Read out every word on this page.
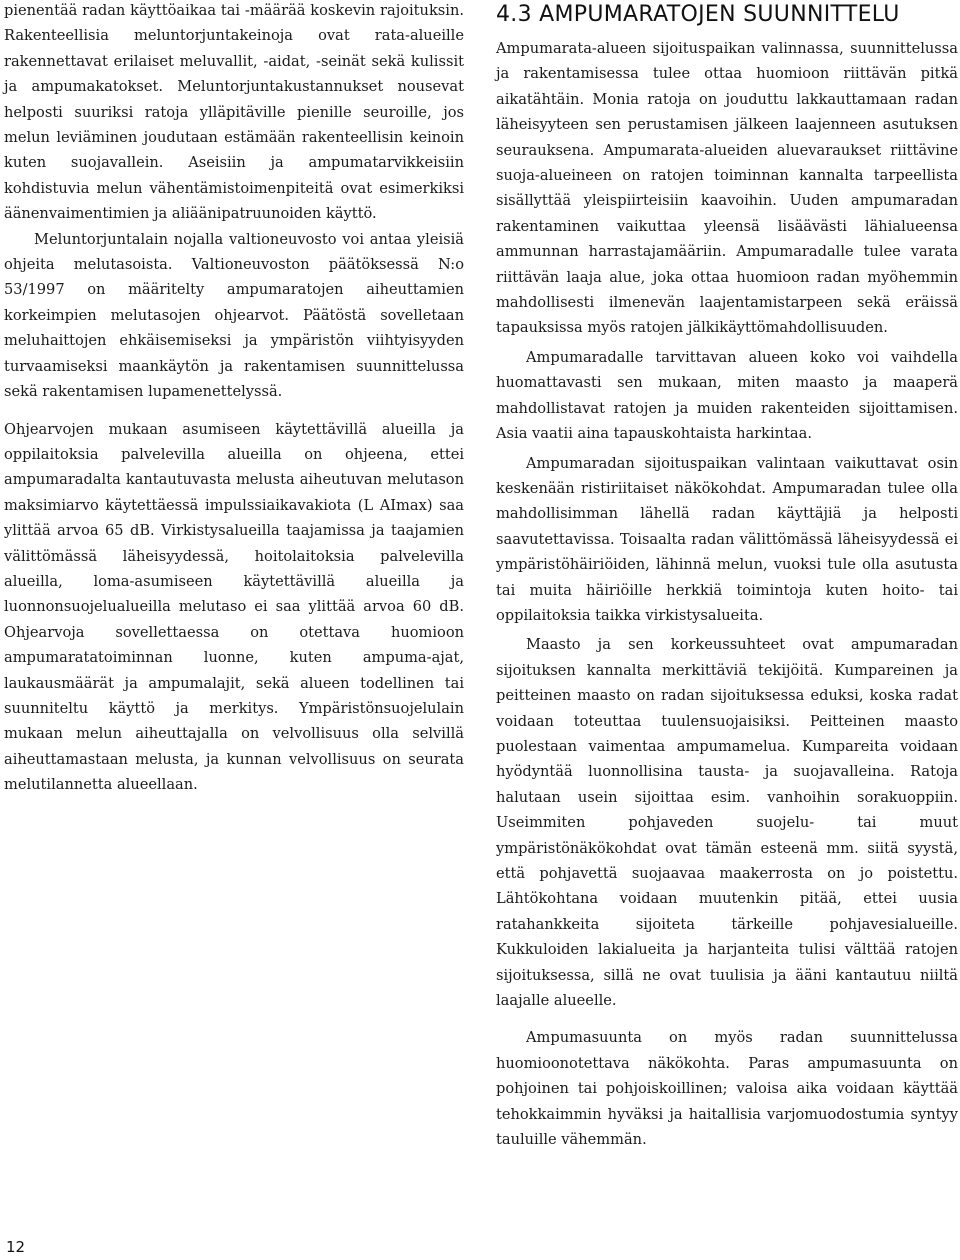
pienentää radan käyttöaikaa tai -määrää koskevin rajoituksin. Rakenteellisia meluntorjuntakeinoja ovat rata-alueille rakennettavat erilaiset meluvallit, -aidat, -seinät sekä kulissit ja ampumakatokset. Meluntorjuntakustannukset nousevat helposti suuriksi ratoja ylläpitäville pienille seuroille, jos melun leviäminen joudutaan estämään rakenteellisin keinoin kuten suojavallein. Aseisiin ja ampumatarvikkeisiin kohdistuvia melun vähentämistoimenpiteitä ovat esimerkiksi äänenvaimentimien ja aliäänipatruunoiden käyttö.

Meluntorjuntalain nojalla valtioneuvosto voi antaa yleisiä ohjeita melutasoista. Valtioneuvoston päätöksessä N:o 53/1997 on määritelty ampumaratojen aiheuttamien korkeimpien melutasojen ohjearvot. Päätöstä sovelletaan meluhaittojen ehkäisemiseksi ja ympäristön viihtyisyyden turvaamiseksi maankäytön ja rakentamisen suunnittelussa sekä rakentamisen lupamenettelyssä.

Ohjearvojen mukaan asumiseen käytettävillä alueilla ja oppilaitoksia palvelevilla alueilla on ohjeena, ettei ampumaradalta kantautuvasta melusta aiheutuvan melutason maksimiarvo käytettäessä impulssiaikavakiota (L AImax) saa ylittää arvoa 65 dB. Virkistysalueilla taajamissa ja taajamien välittömässä läheisyydessä, hoitolaitoksia palvelevilla alueilla, loma-asumiseen käytettävillä alueilla ja luonnonsuojelualueilla melutaso ei saa ylittää arvoa 60 dB. Ohjearvoja sovellettaessa on otettava huomioon ampumaratatoiminnan luonne, kuten ampuma-ajat, laukausmäärät ja ampumalajit, sekä alueen todellinen tai suunniteltu käyttö ja merkitys. Ympäristönsuojelulain mukaan melun aiheuttajalla on velvollisuus olla selvillä aiheuttamastaan melusta, ja kunnan velvollisuus on seurata melutilannetta alueellaan.

4.3 AMPUMARATOJEN SUUNNITTELU

Ampumarata-alueen sijoituspaikan valinnassa, suunnittelussa ja rakentamisessa tulee ottaa huomioon riittävän pitkä aikatähtäin. Monia ratoja on jouduttu lakkauttamaan radan läheisyyteen sen perustamisen jälkeen laajenneen asutuksen seurauksena. Ampumarata-alueiden aluevaraukset riittävine suoja-alueineen on ratojen toiminnan kannalta tarpeellista sisällyttää yleispiirteisiin kaavoihin. Uuden ampumaradan rakentaminen vaikuttaa yleensä lisäävästi lähialueensa ammunnan harrastajamääriin. Ampumaradalle tulee varata riittävän laaja alue, joka ottaa huomioon radan myöhemmin mahdollisesti ilmenevän laajentamistarpeen sekä eräissä tapauksissa myös ratojen jälkikäyttömahdollisuuden.

Ampumaradalle tarvittavan alueen koko voi vaihdella huomattavasti sen mukaan, miten maasto ja maaperä mahdollistavat ratojen ja muiden rakenteiden sijoittamisen. Asia vaatii aina tapauskohtaista harkintaa.

Ampumaradan sijoituspaikan valintaan vaikuttavat osin keskenään ristiriitaiset näkökohdat. Ampumaradan tulee olla mahdollisimman lähellä radan käyttäjiä ja helposti saavutettavissa. Toisaalta radan välittömässä läheisyydessä ei ympäristöhäiriöiden, lähinnä melun, vuoksi tule olla asutusta tai muita häiriöille herkkiä toimintoja kuten hoito- tai oppilaitoksia taikka virkistysalueita.

Maasto ja sen korkeussuhteet ovat ampumaradan sijoituksen kannalta merkittäviä tekijöitä. Kumpareinen ja peitteinen maasto on radan sijoituksessa eduksi, koska radat voidaan toteuttaa tuulensuojaisiksi. Peitteinen maasto puolestaan vaimentaa ampumamelua. Kumpareita voidaan hyödyntää luonnollisina tausta- ja suojavalleina. Ratoja halutaan usein sijoittaa esim. vanhoihin sorakuoppiin. Useimmiten pohjaveden suojelu- tai muut ympäristönäkökohdat ovat tämän esteenä mm. siitä syystä, että pohjavettä suojaavaa maakerrosta on jo poistettu. Lähtökohtana voidaan muutenkin pitää, ettei uusia ratahankkeita sijoiteta tärkeille pohjavesialueille. Kukkuloiden lakialueita ja harjanteita tulisi välttää ratojen sijoituksessa, sillä ne ovat tuulisia ja ääni kantautuu niiltä laajalle alueelle.

Ampumasuunta on myös radan suunnittelussa huomioonotettava näkökohta. Paras ampumasuunta on pohjoinen tai pohjoiskoillinen; valoisa aika voidaan käyttää tehokkaimmin hyväksi ja haitallisia varjomuodostumia syntyy tauluille vähemmän.

12
